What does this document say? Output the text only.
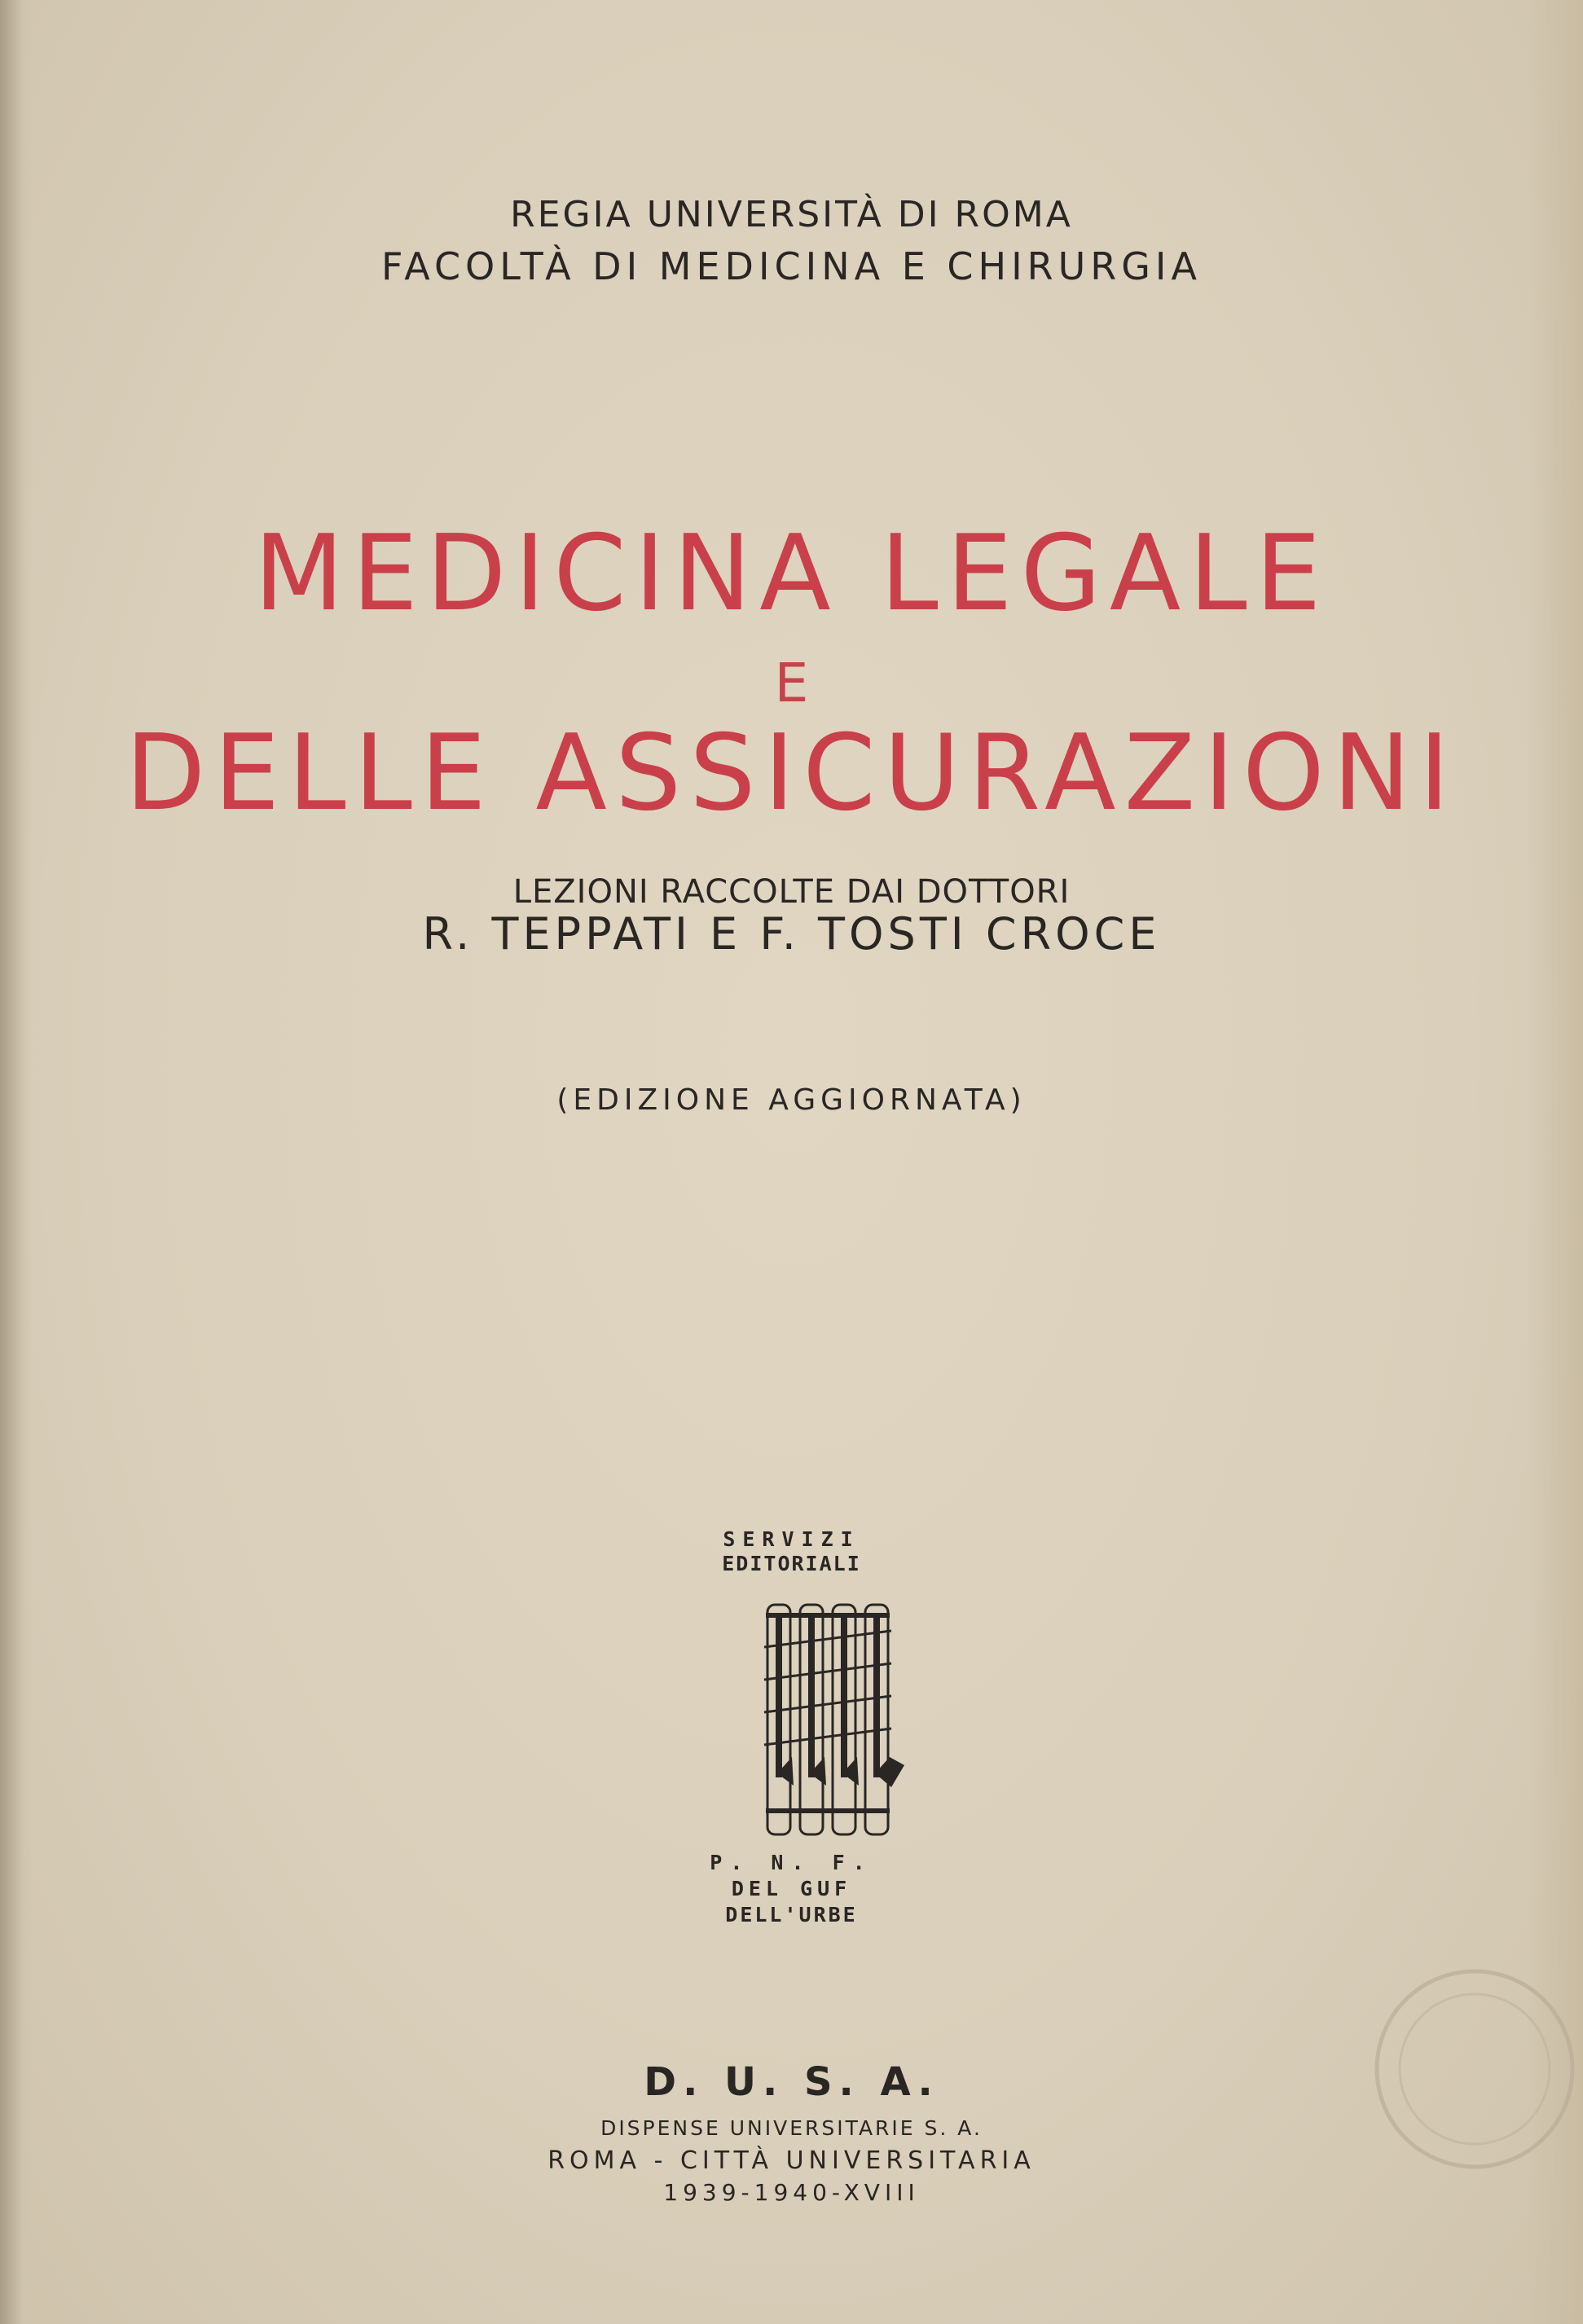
REGIA UNIVERSITÀ DI ROMA
FACOLTÀ DI MEDICINA E CHIRURGIA
MEDICINA LEGALE
E
DELLE ASSICURAZIONI
LEZIONI RACCOLTE DAI DOTTORI
R. TEPPATI E F. TOSTI CROCE
(EDIZIONE AGGIORNATA)
SERVIZI
EDITORIALI
P. N. F.
DEL GUF
DELL'URBE
D. U. S. A.
DISPENSE UNIVERSITARIE S. A.
ROMA - CITTÀ UNIVERSITARIA
1939-1940-XVIII
